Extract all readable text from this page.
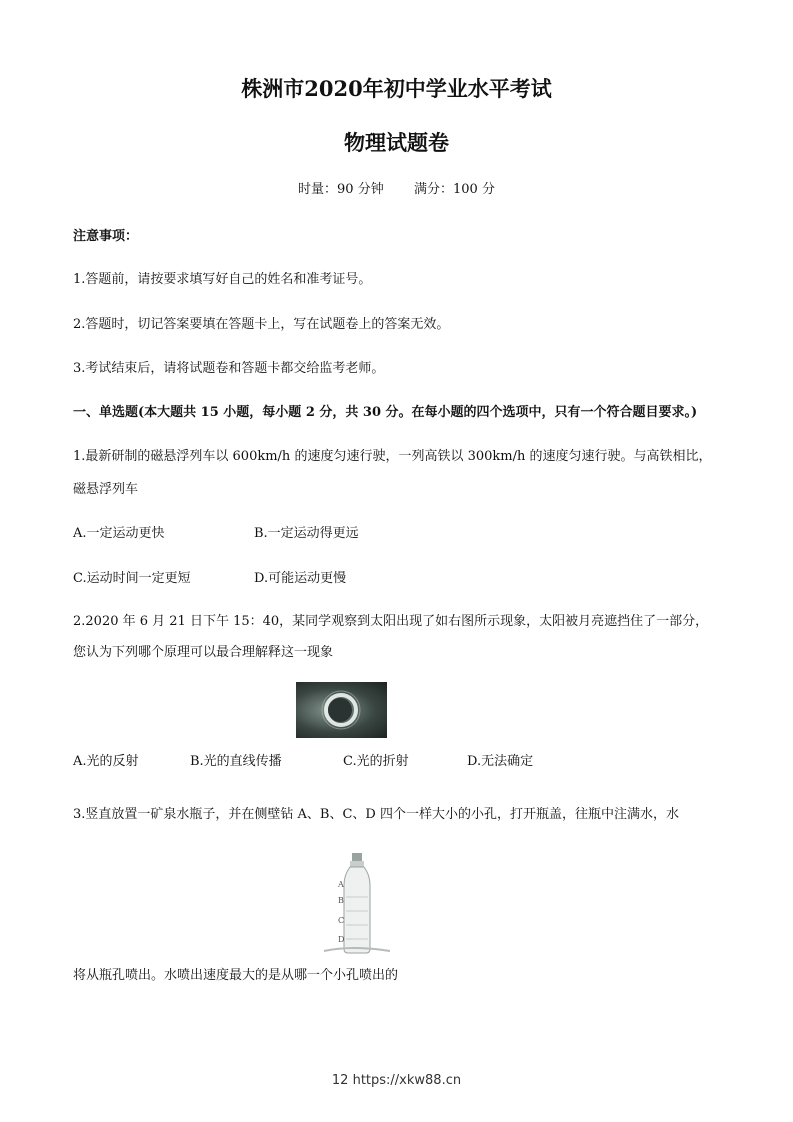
株洲市2020年初中学业水平考试
物理试题卷
时量：90 分钟 满分：100 分
注意事项：
1.答题前，请按要求填写好自己的姓名和准考证号。
2.答题时，切记答案要填在答题卡上，写在试题卷上的答案无效。
3.考试结束后，请将试题卷和答题卡都交给监考老师。
一、单选题(本大题共 15 小题，每小题 2 分，共 30 分。在每小题的四个选项中，只有一个符合题目要求。)
1.最新研制的磁悬浮列车以 600km/h 的速度匀速行驶，一列高铁以 300km/h 的速度匀速行驶。与高铁相比，
磁悬浮列车
A.一定运动更快	B.一定运动得更远
C.运动时间一定更短	D.可能运动更慢
2.2020 年 6 月 21 日下午 15：40，某同学观察到太阳出现了如右图所示现象，太阳被月亮遮挡住了一部分，
您认为下列哪个原理可以最合理解释这一现象
A.光的反射	B.光的直线传播	C.光的折射	D.无法确定
3.竖直放置一矿泉水瓶子，并在侧壁钻 A、B、C、D 四个一样大小的小孔，打开瓶盖，往瓶中注满水，水
A
B
C
D
将从瓶孔喷出。水喷出速度最大的是从哪一个小孔喷出的
12 https://xkw88.cn
